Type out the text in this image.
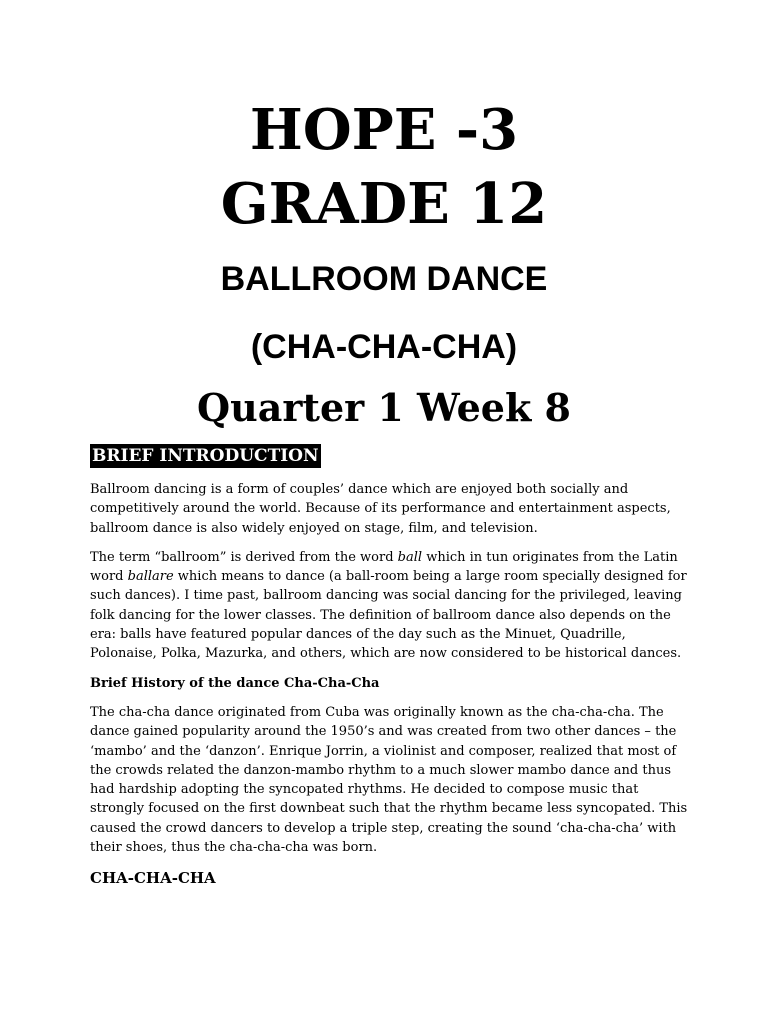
HOPE -3
GRADE 12
BALLROOM DANCE
(CHA-CHA-CHA)
Quarter 1 Week 8
BRIEF INTRODUCTION

Ballroom dancing is a form of couples’ dance which are enjoyed both socially and competitively around the world. Because of its performance and entertainment aspects, ballroom dance is also widely enjoyed on stage, film, and television.

The term “ballroom” is derived from the word ball which in tun originates from the Latin word ballare which means to dance (a ball-room being a large room specially designed for such dances). I time past, ballroom dancing was social dancing for the privileged, leaving folk dancing for the lower classes. The definition of ballroom dance also depends on the era: balls have featured popular dances of the day such as the Minuet, Quadrille, Polonaise, Polka, Mazurka, and others, which are now considered to be historical dances.

Brief History of the dance Cha-Cha-Cha

The cha-cha dance originated from Cuba was originally known as the cha-cha-cha. The dance gained popularity around the 1950’s and was created from two other dances – the ‘mambo’ and the ‘danzon’. Enrique Jorrin, a violinist and composer, realized that most of the crowds related the danzon-mambo rhythm to a much slower mambo dance and thus had hardship adopting the syncopated rhythms. He decided to compose music that strongly focused on the first downbeat such that the rhythm became less syncopated. This caused the crowd dancers to develop a triple step, creating the sound ‘cha-cha-cha’ with their shoes, thus the cha-cha-cha was born.

CHA-CHA-CHA
